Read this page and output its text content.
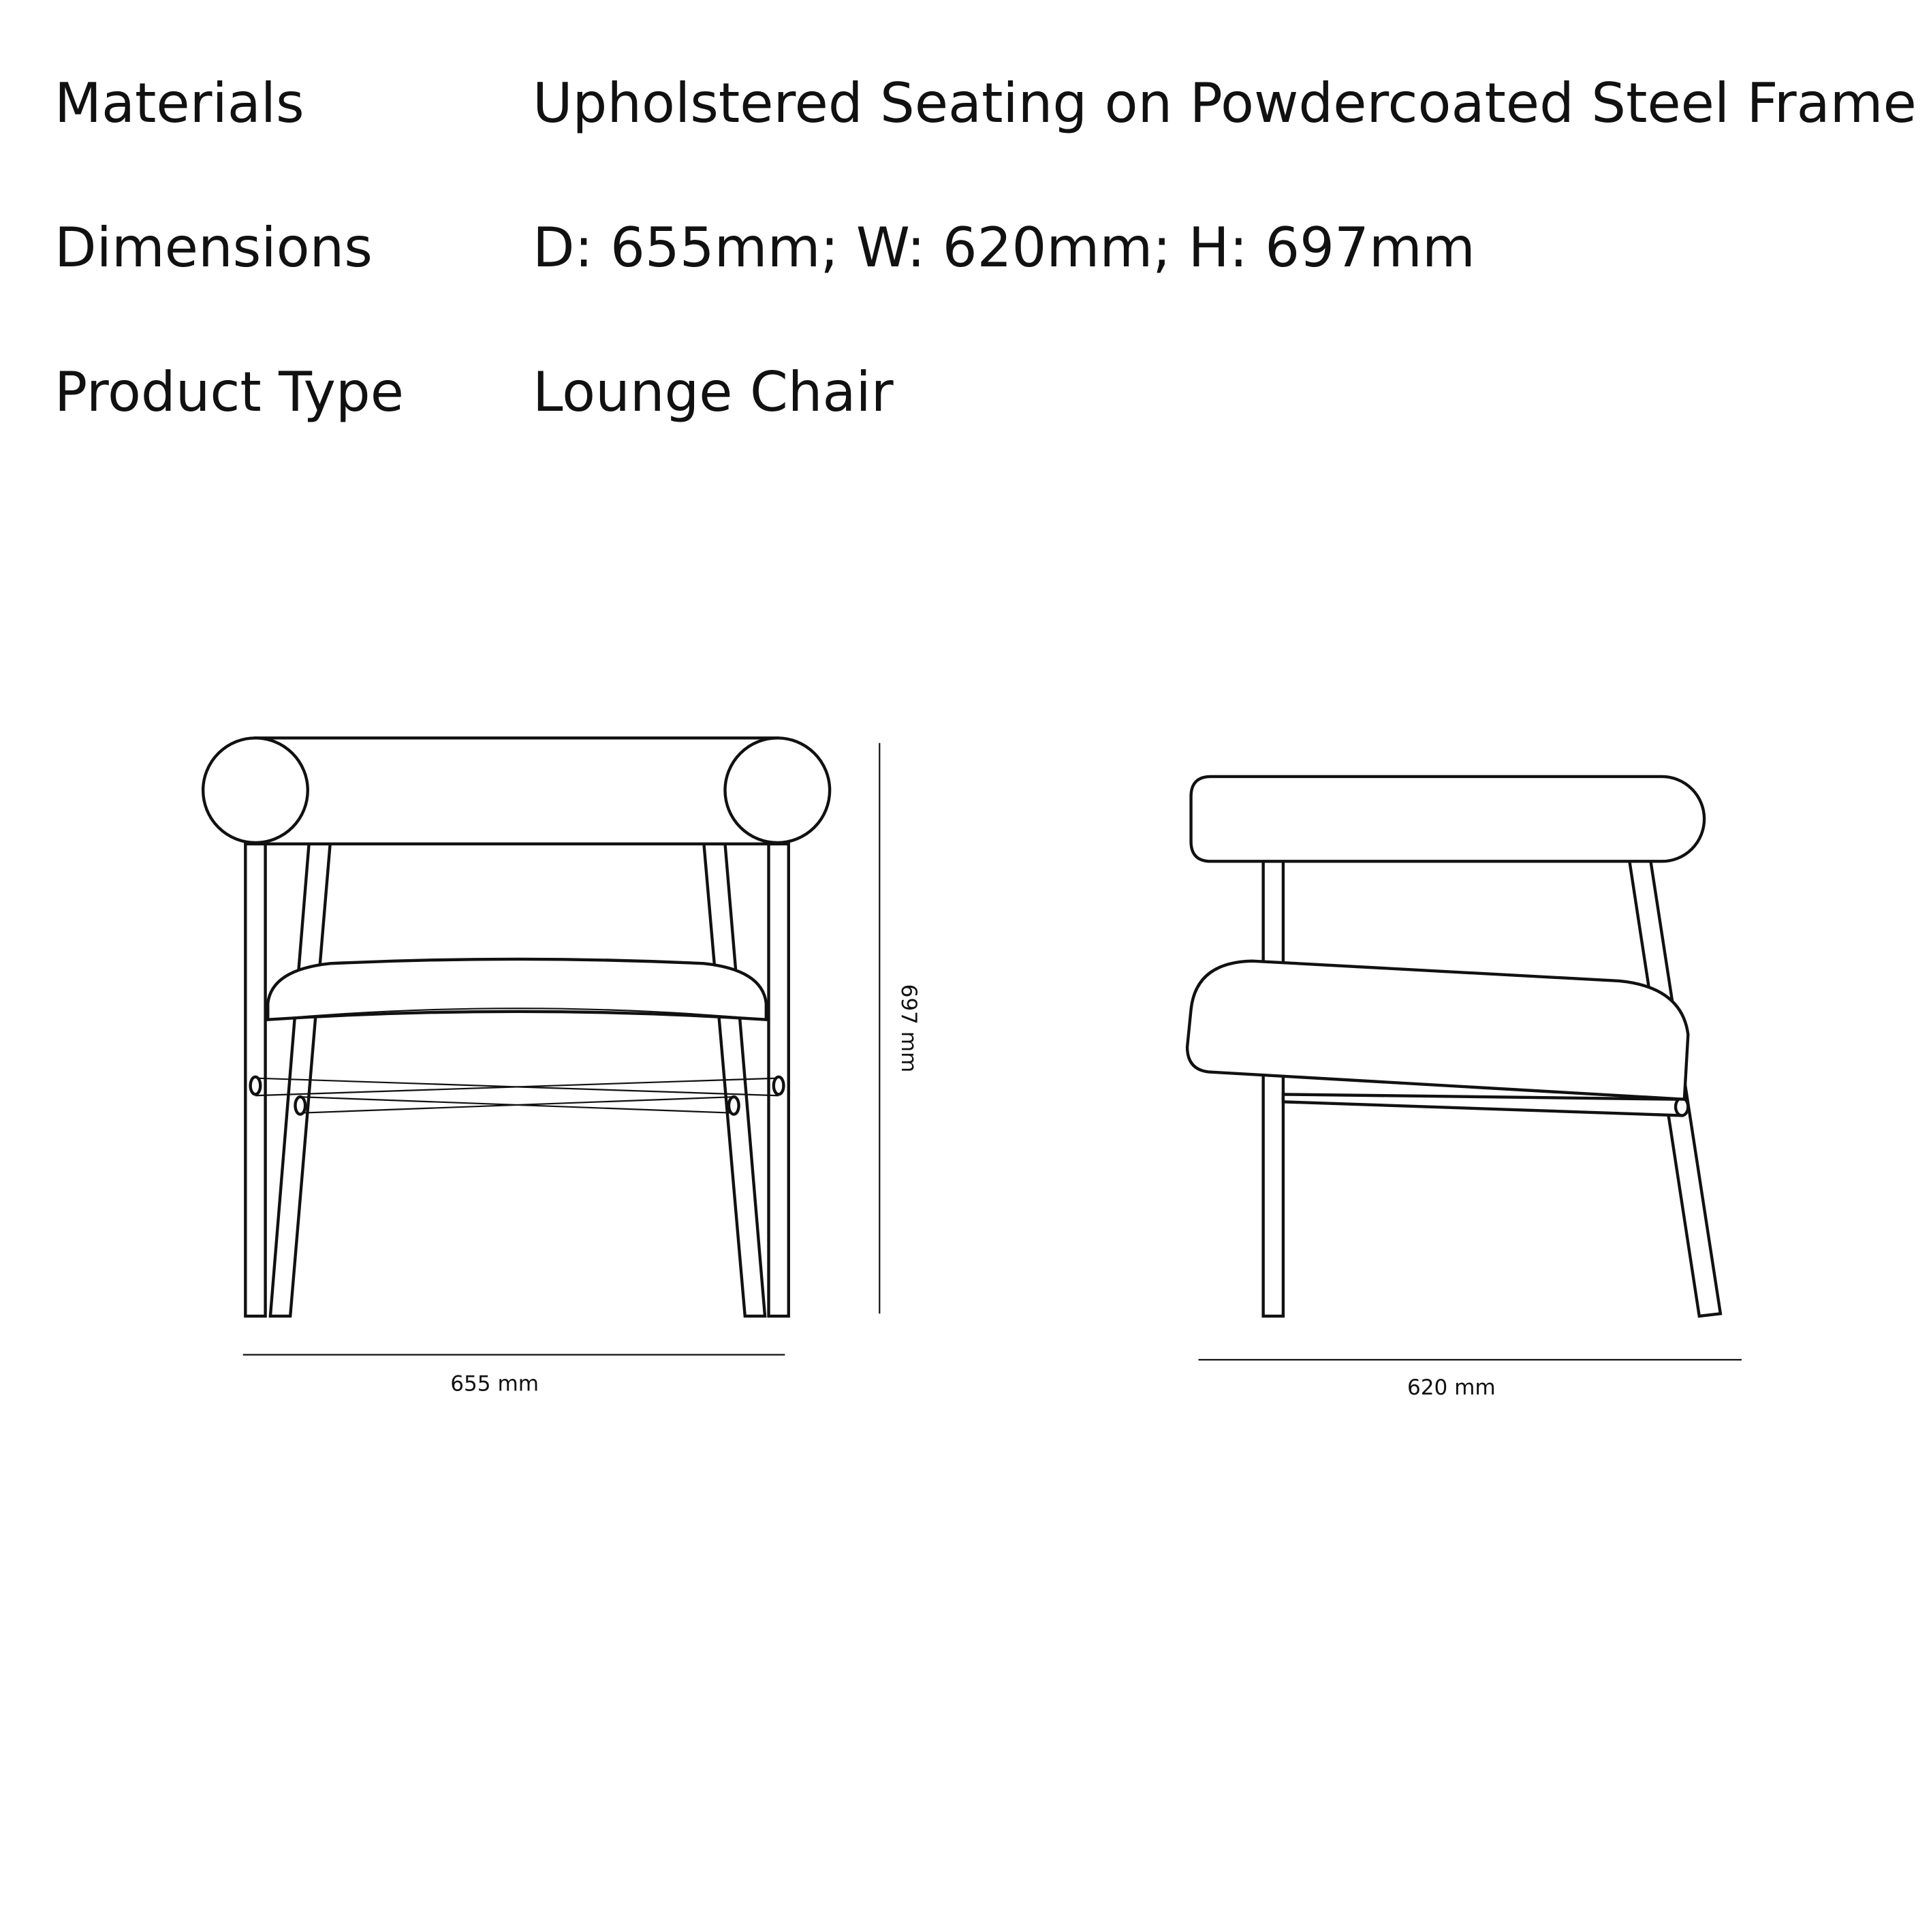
Materials	Upholstered Seating on Powdercoated Steel Frame
Dimensions	D: 655mm; W: 620mm; H: 697mm
Product Type Lounge Chair
697 mm
655 mm	620 mm
